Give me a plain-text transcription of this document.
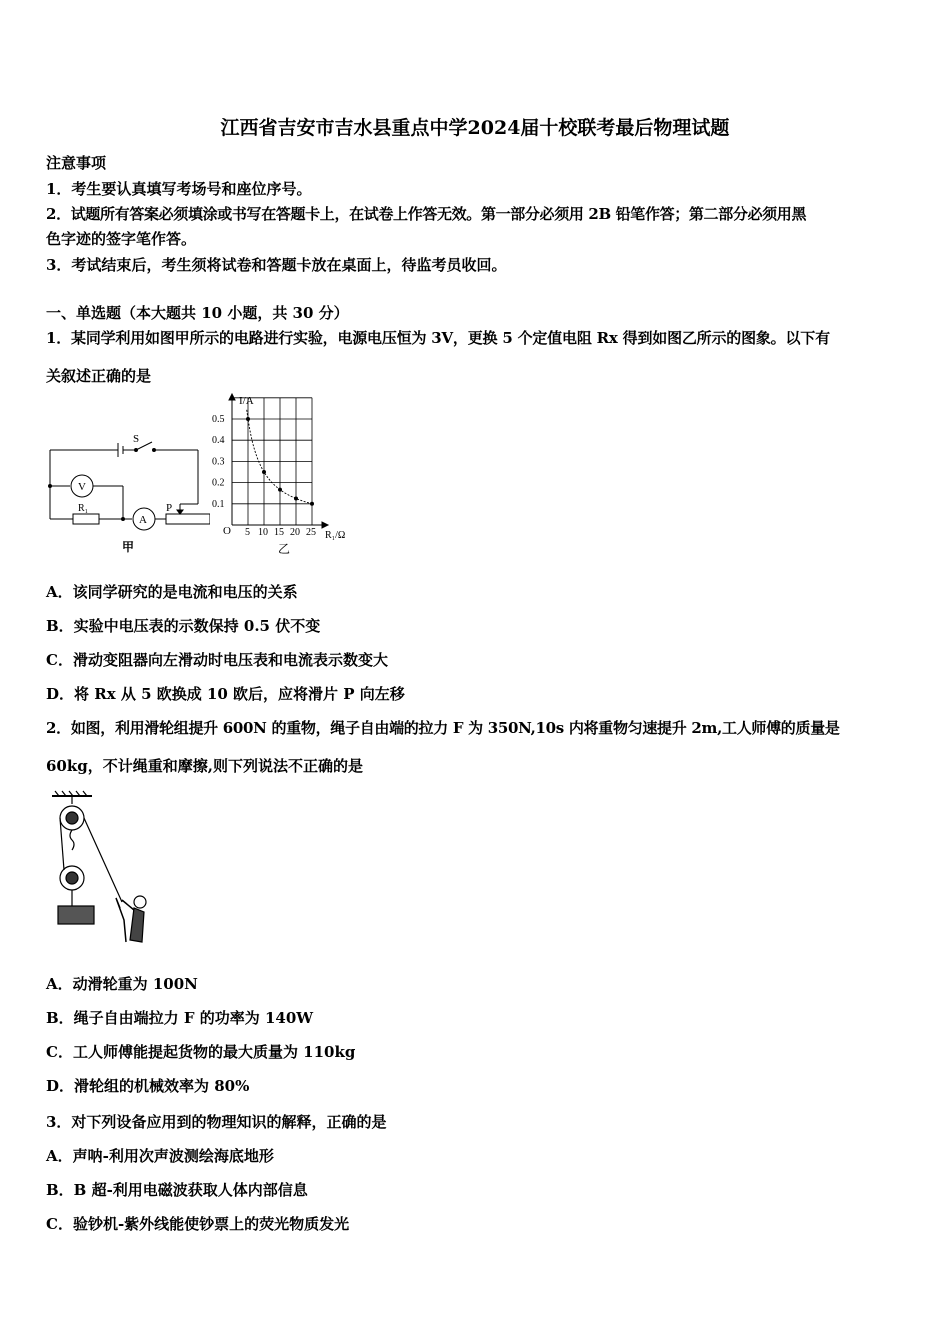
江西省吉安市吉水县重点中学2024届十校联考最后物理试题
注意事项
1．考生要认真填写考场号和座位序号。
2．试题所有答案必须填涂或书写在答题卡上，在试卷上作答无效。第一部分必须用 2B 铅笔作答；第二部分必须用黑
色字迹的签字笔作答。
3．考试结束后，考生须将试卷和答题卡放在桌面上，待监考员收回。
一、单选题（本大题共 10 小题，共 30 分）
1．某同学利用如图甲所示的电路进行实验，电源电压恒为 3V，更换 5 个定值电阻 Rx 得到如图乙所示的图象。以下有
关叙述正确的是
S
V
A
R₁	P
甲
5 10 15 20 25
0.5
0.4
0.3
0.2
0.1
I/A
R₁/Ω
O
乙
A．该同学研究的是电流和电压的关系
B．实验中电压表的示数保持 0.5 伏不变
C．滑动变阻器向左滑动时电压表和电流表示数变大
D．将 Rx 从 5 欧换成 10 欧后，应将滑片 P 向左移
2．如图，利用滑轮组提升 600N 的重物，绳子自由端的拉力 F 为 350N,10s 内将重物匀速提升 2m,工人师傅的质量是
60kg，不计绳重和摩擦,则下列说法不正确的是
A．动滑轮重为 100N
B．绳子自由端拉力 F 的功率为 140W
C．工人师傅能提起货物的最大质量为 110kg
D．滑轮组的机械效率为 80%
3．对下列设备应用到的物理知识的解释，正确的是
A．声呐-利用次声波测绘海底地形
B．B 超-利用电磁波获取人体内部信息
C．验钞机-紫外线能使钞票上的荧光物质发光
